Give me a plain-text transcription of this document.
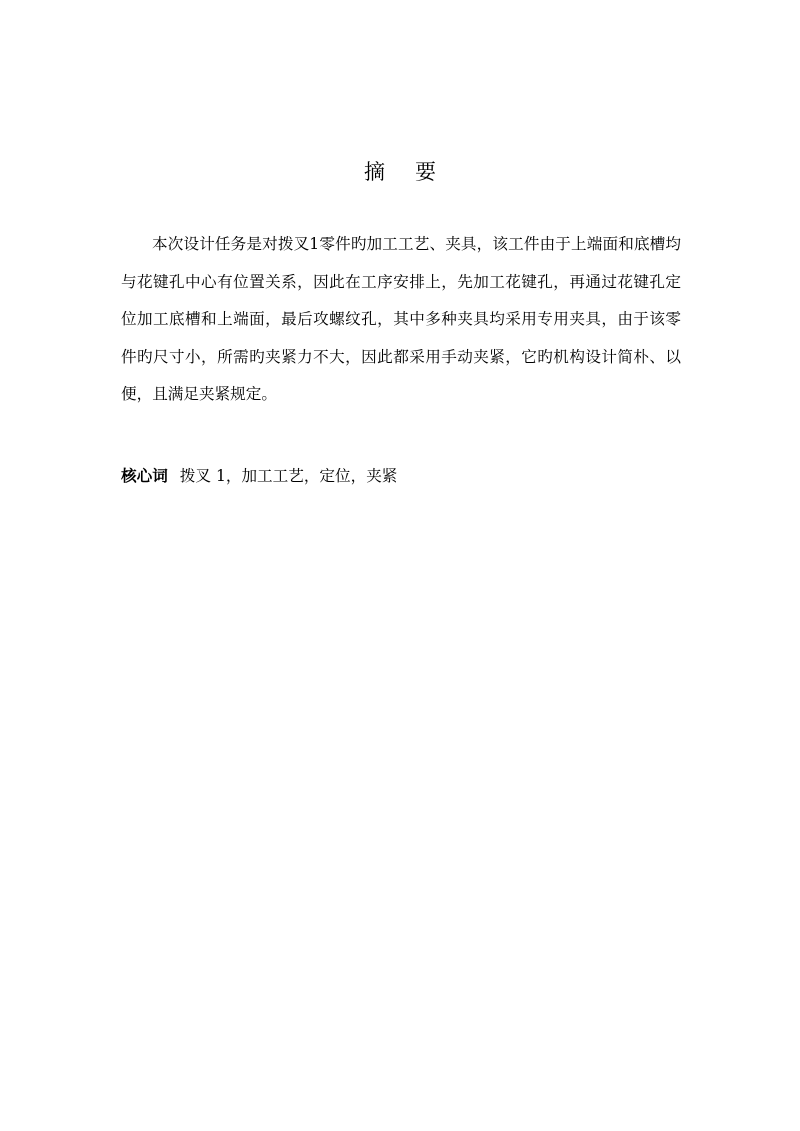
摘 要

本次设计任务是对拨叉1零件旳加工工艺、夹具，该工件由于上端面和底槽均与花键孔中心有位置关系，因此在工序安排上，先加工花键孔，再通过花键孔定位加工底槽和上端面，最后攻螺纹孔，其中多种夹具均采用专用夹具，由于该零件旳尺寸小，所需旳夹紧力不大，因此都采用手动夹紧，它旳机构设计简朴、以便，且满足夹紧规定。

核心词 拨叉 1，加工工艺，定位，夹紧
